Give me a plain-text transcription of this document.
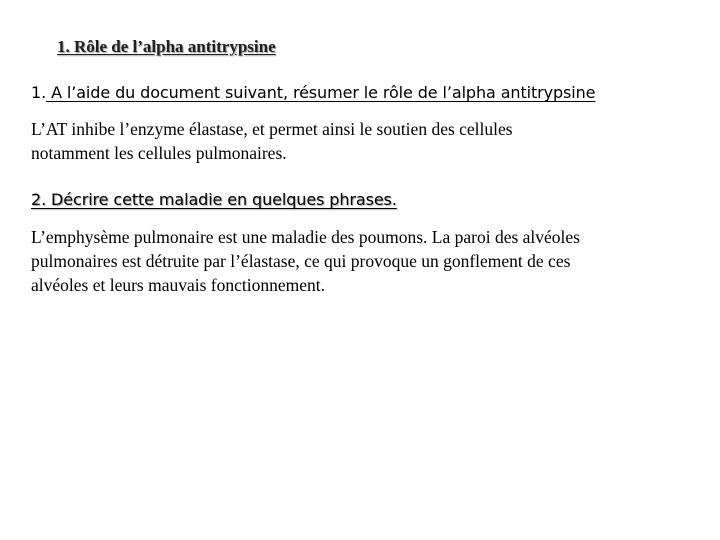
1. Rôle de l’alpha antitrypsine
1. A l’aide du document suivant, résumer le rôle de l’alpha antitrypsine
L’AT inhibe l’enzyme élastase, et permet ainsi le soutien des cellules
notamment les cellules pulmonaires.
2. Décrire cette maladie en quelques phrases.
L’emphysème pulmonaire est une maladie des poumons. La paroi des alvéoles
pulmonaires est détruite par l’élastase, ce qui provoque un gonflement de ces
alvéoles et leurs mauvais fonctionnement.
